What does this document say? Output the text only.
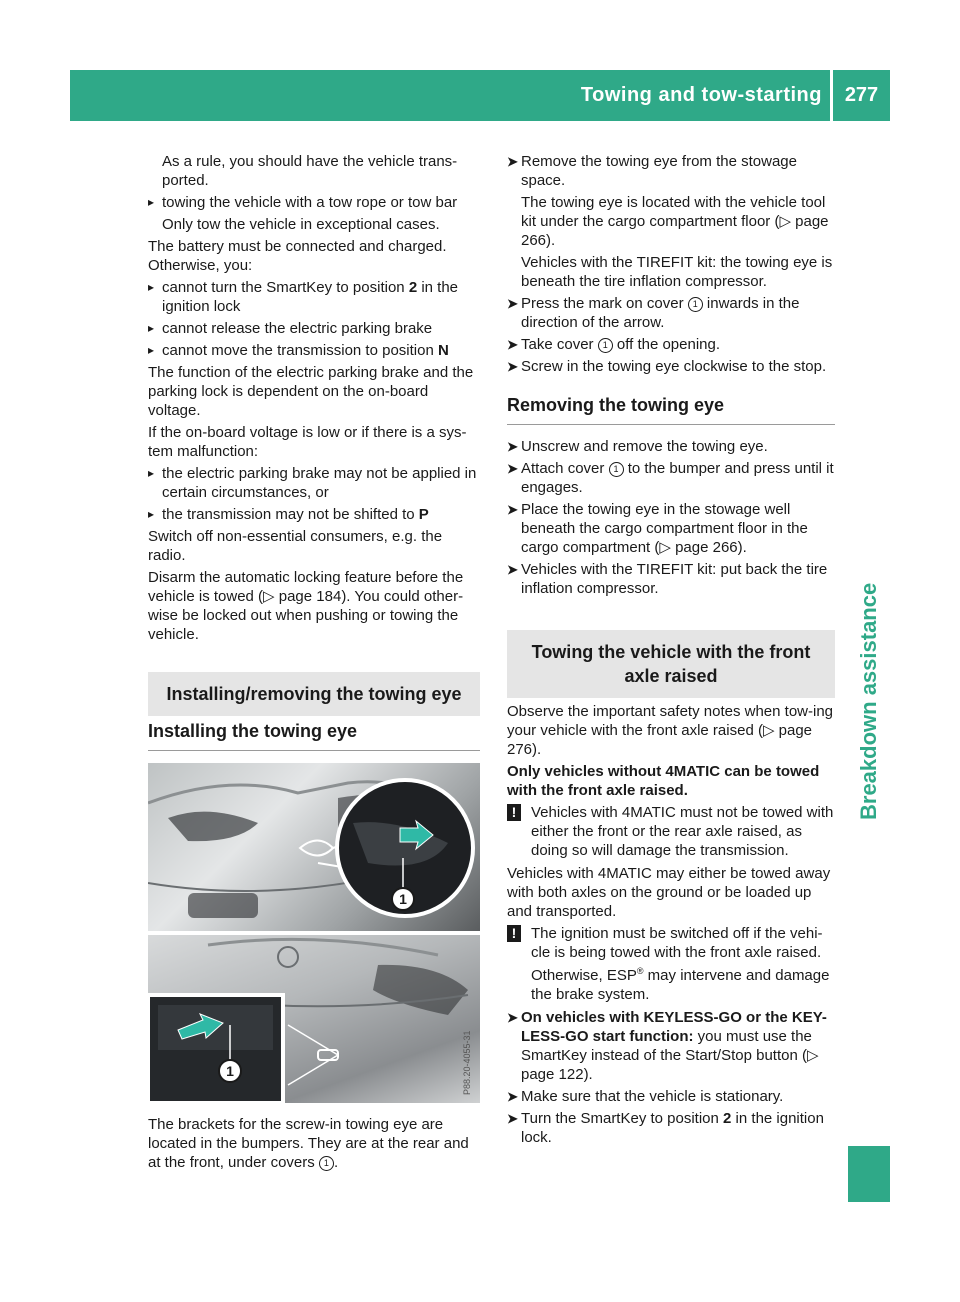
Towing and tow-starting	277
Breakdown assistance

As a rule, you should have the vehicle trans-ported.

▸ towing the vehicle with a tow rope or tow bar

Only tow the vehicle in exceptional cases.

The battery must be connected and charged. Otherwise, you:

▸ cannot turn the SmartKey to position 2 in the ignition lock
▸ cannot release the electric parking brake
▸ cannot move the transmission to position N

The function of the electric parking brake and the parking lock is dependent on the on-board voltage.

If the on-board voltage is low or if there is a sys-tem malfunction:

▸ the electric parking brake may not be applied in certain circumstances, or
▸ the transmission may not be shifted to P

Switch off non-essential consumers, e.g. the radio.

Disarm the automatic locking feature before the vehicle is towed (▷ page 184). You could other-wise be locked out when pushing or towing the vehicle.

Installing/removing the towing eye
Installing the towing eye
1
1	P88.20-4055-31

The brackets for the screw-in towing eye are located in the bumpers. They are at the rear and at the front, under covers 1 .

➤ Remove the towing eye from the stowage space.

The towing eye is located with the vehicle tool kit under the cargo compartment floor (▷ page 266).

Vehicles with the TIREFIT kit: the towing eye is beneath the tire inflation compressor.

➤ Press the mark on cover 1 inwards in the direction of the arrow.
➤ Take cover 1 off the opening.
➤ Screw in the towing eye clockwise to the stop.
Removing the towing eye
➤ Unscrew and remove the towing eye.
➤ Attach cover 1 to the bumper and press until it engages.
➤ Place the towing eye in the stowage well beneath the cargo compartment floor in the cargo compartment (▷ page 266).
➤ Vehicles with the TIREFIT kit: put back the tire inflation compressor.
Towing the vehicle with the front axle raised

Observe the important safety notes when tow-ing your vehicle with the front axle raised (▷ page 276).

Only vehicles without 4MATIC can be towed with the front axle raised.

! Vehicles with 4MATIC must not be towed with either the front or the rear axle raised, as doing so will damage the transmission.

Vehicles with 4MATIC may either be towed away with both axles on the ground or be loaded up and transported.

! The ignition must be switched off if the vehi-cle is being towed with the front axle raised. Otherwise, ESP® may intervene and damage the brake system.
➤ On vehicles with KEYLESS-GO or the KEY-LESS-GO start function: you must use the SmartKey instead of the Start/Stop button (▷ page 122).
➤ Make sure that the vehicle is stationary.
➤ Turn the SmartKey to position 2 in the ignition lock.
